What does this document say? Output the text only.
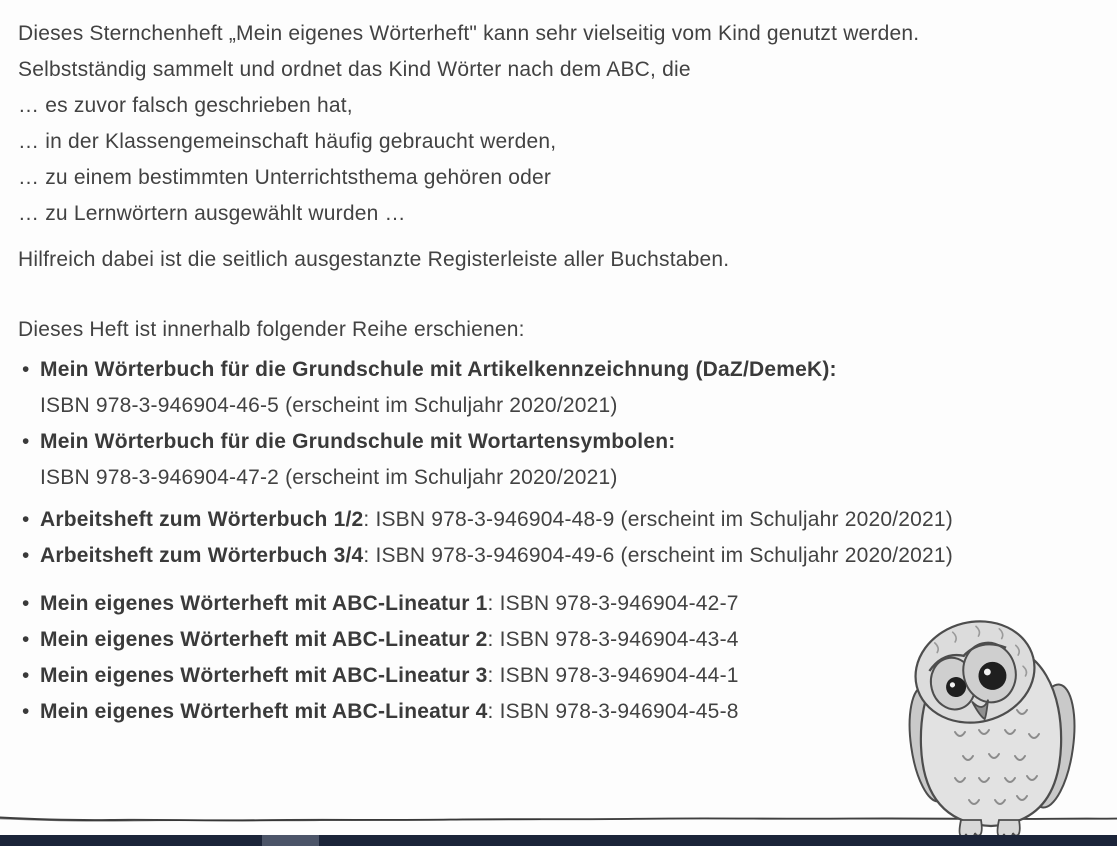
Dieses Sternchenheft „Mein eigenes Wörterheft" kann sehr vielseitig vom Kind genutzt werden.
Selbstständig sammelt und ordnet das Kind Wörter nach dem ABC, die

… es zuvor falsch geschrieben hat,
… in der Klassengemeinschaft häufig gebraucht werden,
… zu einem bestimmten Unterrichtsthema gehören oder
… zu Lernwörtern ausgewählt wurden …

Hilfreich dabei ist die seitlich ausgestanzte Registerleiste aller Buchstaben.

Dieses Heft ist innerhalb folgender Reihe erschienen:

• Mein Wörterbuch für die Grundschule mit Artikelkennzeichnung (DaZ/DemeK):
ISBN 978-3-946904-46-5 (erscheint im Schuljahr 2020/2021)
• Mein Wörterbuch für die Grundschule mit Wortartensymbolen:
ISBN 978-3-946904-47-2 (erscheint im Schuljahr 2020/2021)
• Arbeitsheft zum Wörterbuch 1/2: ISBN 978-3-946904-48-9 (erscheint im Schuljahr 2020/2021)
• Arbeitsheft zum Wörterbuch 3/4: ISBN 978-3-946904-49-6 (erscheint im Schuljahr 2020/2021)
• Mein eigenes Wörterheft mit ABC-Lineatur 1: ISBN 978-3-946904-42-7
• Mein eigenes Wörterheft mit ABC-Lineatur 2: ISBN 978-3-946904-43-4
• Mein eigenes Wörterheft mit ABC-Lineatur 3: ISBN 978-3-946904-44-1
• Mein eigenes Wörterheft mit ABC-Lineatur 4: ISBN 978-3-946904-45-8
